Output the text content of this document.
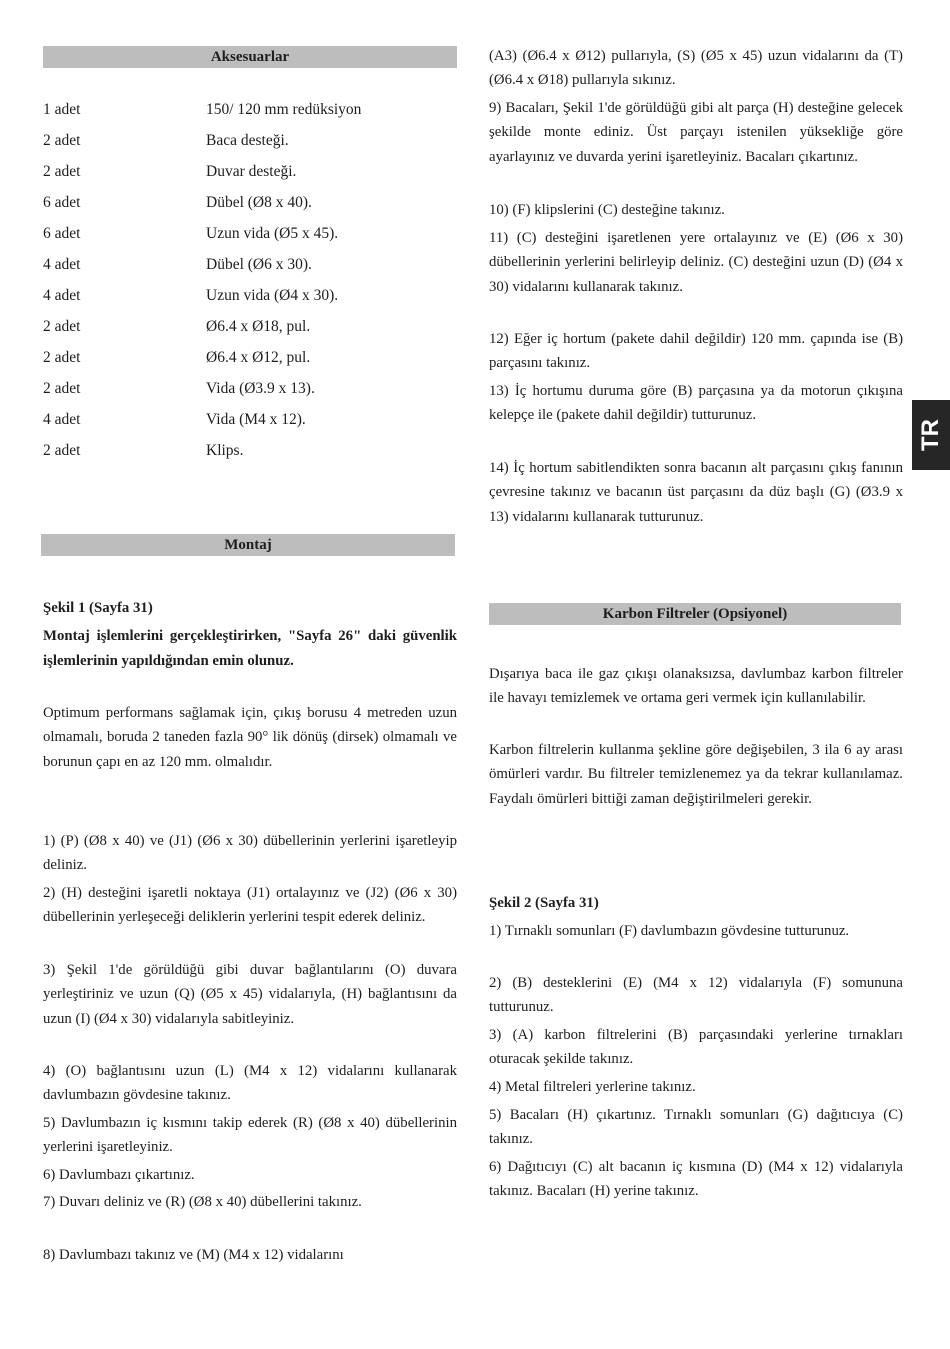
Aksesuarlar
1 adet	150/ 120 mm redüksiyon
2 adet	Baca desteği.
2 adet	Duvar desteği.
6 adet	Dübel (Ø8 x 40).
6 adet	Uzun vida (Ø5 x 45).
4 adet	Dübel (Ø6 x 30).
4 adet	Uzun vida (Ø4 x 30).
2 adet	Ø6.4 x Ø18, pul.
2 adet	Ø6.4 x Ø12, pul.
2 adet	Vida (Ø3.9 x 13).
4 adet	Vida (M4 x 12).
2 adet	Klips.
Montaj
Şekil 1 (Sayfa 31)
Montaj işlemlerini gerçekleştirirken, "Sayfa 26" daki güvenlik işlemlerinin yapıldığından emin olunuz.
Optimum performans sağlamak için, çıkış borusu 4 metreden uzun olmamalı, boruda 2 taneden fazla 90° lik dönüş (dirsek) olmamalı ve borunun çapı en az 120 mm. olmalıdır.
1) (P) (Ø8 x 40) ve (J1) (Ø6 x 30) dübellerinin yerlerini işaretleyip deliniz.
2) (H) desteğini işaretli noktaya (J1) ortalayınız ve (J2) (Ø6 x 30) dübellerinin yerleşeceği deliklerin yerlerini tespit ederek deliniz.
3) Şekil 1'de görüldüğü gibi duvar bağlantılarını (O) duvara yerleştiriniz ve uzun (Q) (Ø5 x 45) vidalarıyla, (H) bağlantısını da uzun (I) (Ø4 x 30) vidalarıyla sabitleyiniz.
4) (O) bağlantısını uzun (L) (M4 x 12) vidalarını kullanarak davlumbazın gövdesine takınız.
5) Davlumbazın iç kısmını takip ederek (R) (Ø8 x 40) dübellerinin yerlerini işaretleyiniz.
6) Davlumbazı çıkartınız.
7) Duvarı deliniz ve (R) (Ø8 x 40) dübellerini takınız.
8) Davlumbazı takınız ve (M) (M4 x 12) vidalarını
(A3) (Ø6.4 x Ø12) pullarıyla, (S) (Ø5 x 45) uzun vidalarını da (T) (Ø6.4 x Ø18) pullarıyla sıkınız.
9) Bacaları, Şekil 1'de görüldüğü gibi alt parça (H) desteğine gelecek şekilde monte ediniz. Üst parçayı istenilen yüksekliğe göre ayarlayınız ve duvarda yerini işaretleyiniz. Bacaları çıkartınız.
10) (F) klipslerini (C) desteğine takınız.
11) (C) desteğini işaretlenen yere ortalayınız ve (E) (Ø6 x 30) dübellerinin yerlerini belirleyip deliniz. (C) desteğini uzun (D) (Ø4 x 30) vidalarını kullanarak takınız.
12) Eğer iç hortum (pakete dahil değildir) 120 mm. çapında ise (B) parçasını takınız.
13) İç hortumu duruma göre (B) parçasına ya da motorun çıkışına kelepçe ile (pakete dahil değildir) tutturunuz.
14) İç hortum sabitlendikten sonra bacanın alt parçasını çıkış fanının çevresine takınız ve bacanın üst parçasını da düz başlı (G) (Ø3.9 x 13) vidalarını kullanarak tutturunuz.
Karbon Filtreler (Opsiyonel)
Dışarıya baca ile gaz çıkışı olanaksızsa, davlumbaz karbon filtreler ile havayı temizlemek ve ortama geri vermek için kullanılabilir.
Karbon filtrelerin kullanma şekline göre değişebilen, 3 ila 6 ay arası ömürleri vardır. Bu filtreler temizlenemez ya da tekrar kullanılamaz. Faydalı ömürleri bittiği zaman değiştirilmeleri gerekir.
Şekil 2 (Sayfa 31)
1) Tırnaklı somunları (F) davlumbazın gövdesine tutturunuz.
2) (B) desteklerini (E) (M4 x 12) vidalarıyla (F) somununa tutturunuz.
3) (A) karbon filtrelerini (B) parçasındaki yerlerine tırnakları oturacak şekilde takınız.
4) Metal filtreleri yerlerine takınız.
5) Bacaları (H) çıkartınız. Tırnaklı somunları (G) dağıtıcıya (C) takınız.
6) Dağıtıcıyı (C) alt bacanın iç kısmına (D) (M4 x 12) vidalarıyla takınız. Bacaları (H) yerine takınız.
TR
